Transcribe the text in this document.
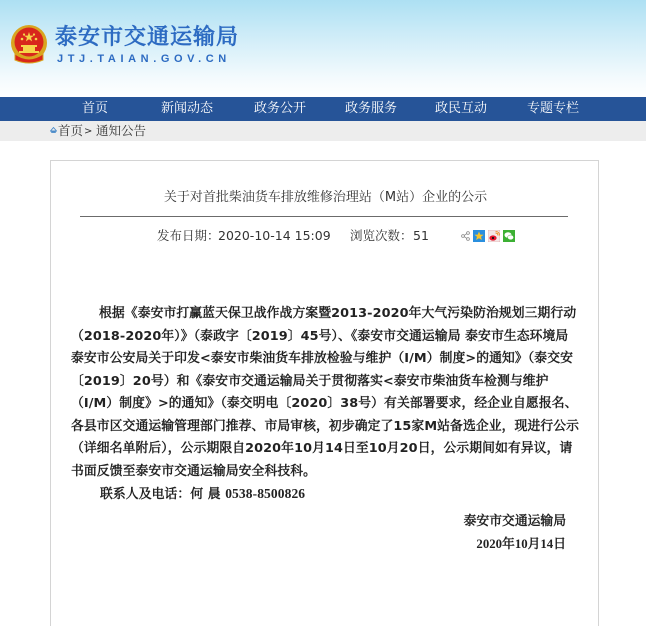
泰安市交通运输局
JTJ.TAIAN.GOV.CN
首页	新闻动态	政务公开	政务服务	政民互动	专题专栏
首页 > 通知公告
关于对首批柴油货车排放维修治理站（M站）企业的公示
发布日期：
2020-10-14 15:09 浏览次数： 51

根据《泰安市打赢蓝天保卫战作战方案暨2013-2020年大气污染防治规划三期行动（2018-2020年）》（泰政字〔2019〕45号）、《泰安市交通运输局 泰安市生态环境局 泰安市公安局关于印发<泰安市柴油货车排放检验与维护（I/M）制度>的通知》（泰交安〔2019〕20号）和《泰安市交通运输局关于贯彻落实<泰安市柴油货车检测与维护（I/M）制度》>的通知》（泰交明电〔2020〕38号）有关部署要求，经企业自愿报名、各县市区交通运输管理部门推荐、市局审核，初步确定了15家M站备选企业，现进行公示（详细名单附后），公示期限自2020年10月14日至10月20日，公示期间如有异议，请书面反馈至泰安市交通运输局安全科技科。

联系人及电话：何 晨 0538-8500826

泰安市交通运输局
2020年10月14日
